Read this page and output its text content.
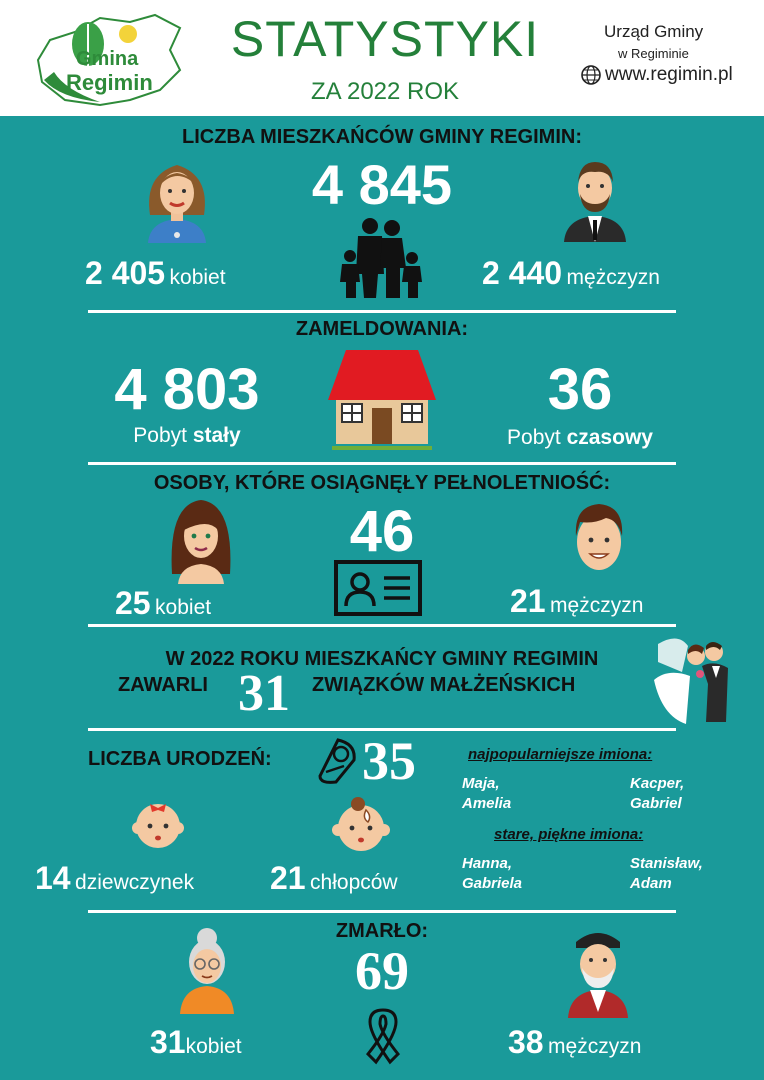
Gmina
Regimin
STATYSTYKI
ZA 2022 ROK
Urząd Gminy
w Regiminie
www.regimin.pl
LICZBA MIESZKAŃCÓW GMINY REGIMIN:
4 845
2 405 kobiet	2 440 mężczyzn
ZAMELDOWANIA:
4 803
Pobyt stały
36
Pobyt czasowy
OSOBY, KTÓRE OSIĄGNĘŁY PEŁNOLETNIOŚĆ:
46
25 kobiet	21 mężczyzn
W 2022 ROKU MIESZKAŃCY GMINY REGIMIN
ZAWARLI 31 ZWIĄZKÓW MAŁŻEŃSKICH
LICZBA URODZEŃ: 35
14 dziewczynek 21 chłopców
najpopularniejsze imiona:
Maja,
Amelia
Kacper,
Gabriel
stare, piękne imiona:
Hanna,
Gabriela
Stanisław,
Adam
ZMARŁO:
69
31kobiet	38 mężczyzn
